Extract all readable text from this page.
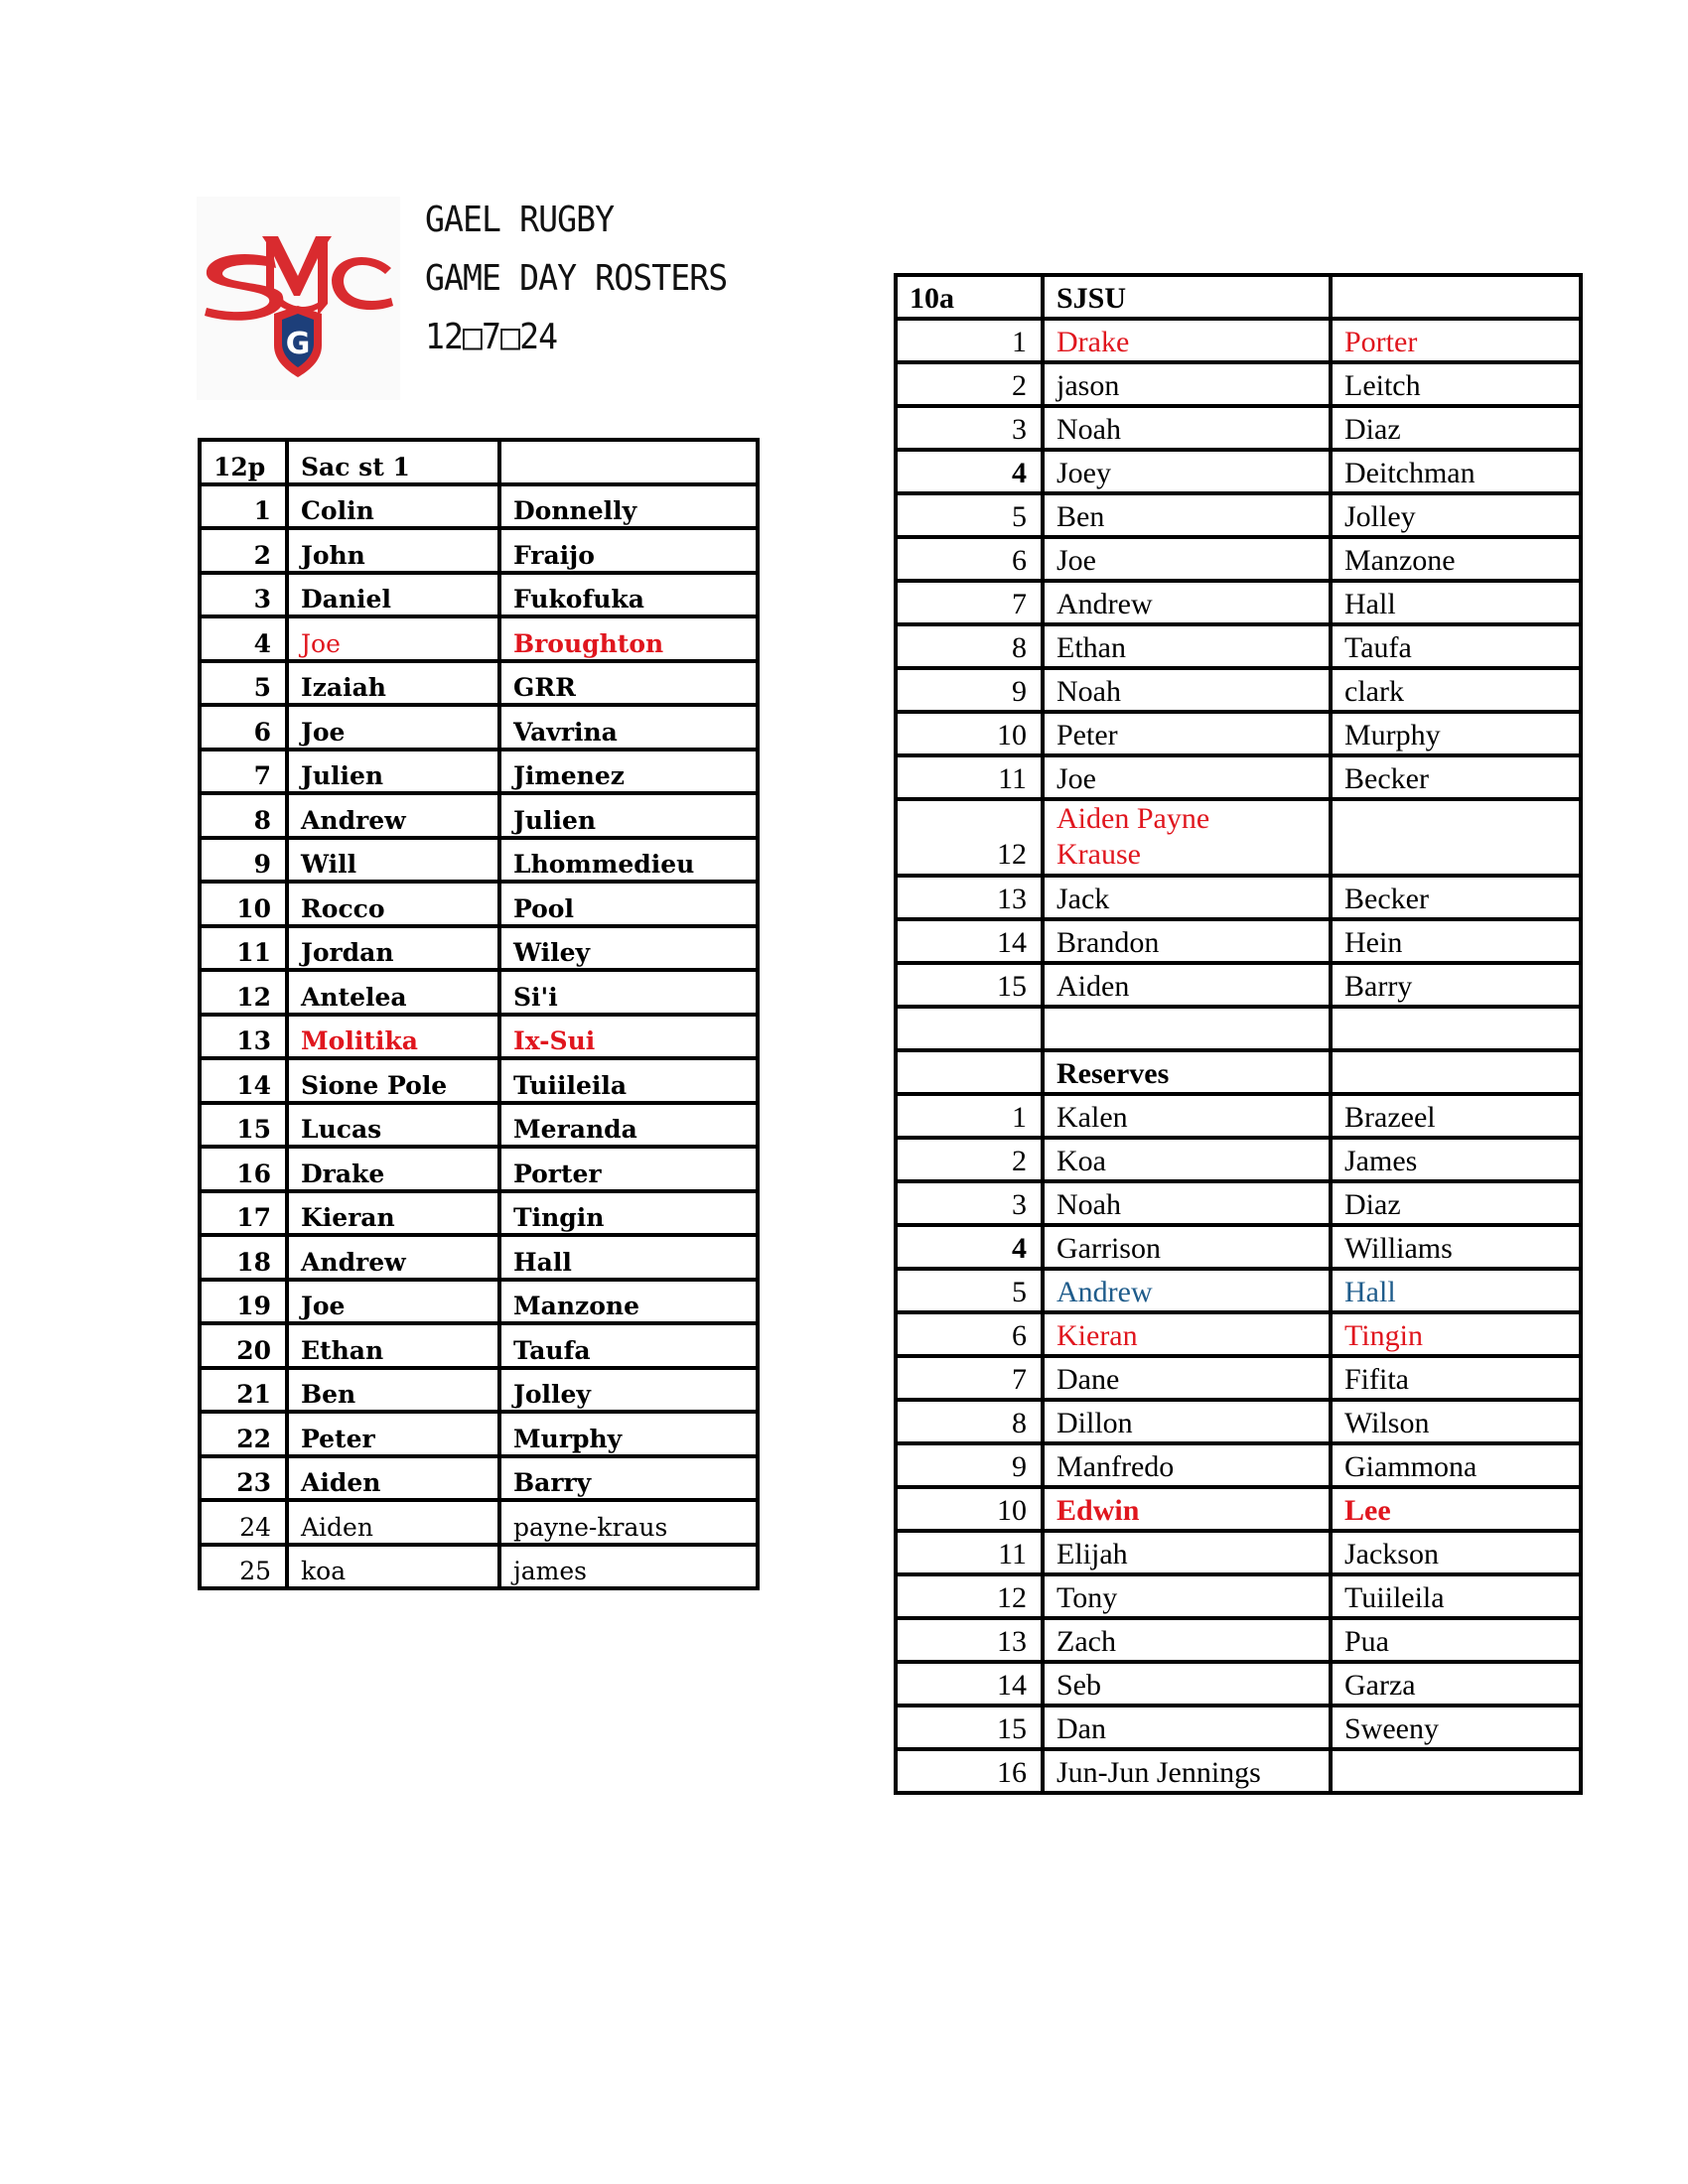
G
GAEL RUGBY
GAME DAY ROSTERS
12□7□24
12p	Sac st 1	
1	Colin	Donnelly
2	John	Fraijo
3	Daniel	Fukofuka
4	Joe	Broughton
5	Izaiah	GRR
6	Joe	Vavrina
7	Julien	Jimenez
8	Andrew	Julien
9	Will	Lhommedieu
10	Rocco	Pool
11	Jordan	Wiley
12	Antelea	Si'i
13	Molitika	Ix-Sui
14	Sione Pole	Tuiileila
15	Lucas	Meranda
16	Drake	Porter
17	Kieran	Tingin
18	Andrew	Hall
19	Joe	Manzone
20	Ethan	Taufa
21	Ben	Jolley
22	Peter	Murphy
23	Aiden	Barry
24	Aiden	payne-kraus
25	koa	james
10a	SJSU	
1	Drake	Porter
2	jason	Leitch
3	Noah	Diaz
4	Joey	Deitchman
5	Ben	Jolley
6	Joe	Manzone
7	Andrew	Hall
8	Ethan	Taufa
9	Noah	clark
10	Peter	Murphy
11	Joe	Becker
12	Aiden Payne
Krause	

13	Jack	Becker
14	Brandon	Hein
15	Aiden	Barry

	Reserves	
1	Kalen	Brazeel
2	Koa	James
3	Noah	Diaz
4	Garrison	Williams
5	Andrew	Hall
6	Kieran	Tingin
7	Dane	Fifita
8	Dillon	Wilson
9	Manfredo	Giammona
10	Edwin	Lee
11	Elijah	Jackson
12	Tony	Tuiileila
13	Zach	Pua
14	Seb	Garza
15	Dan	Sweeny
16	Jun-Jun Jennings	
